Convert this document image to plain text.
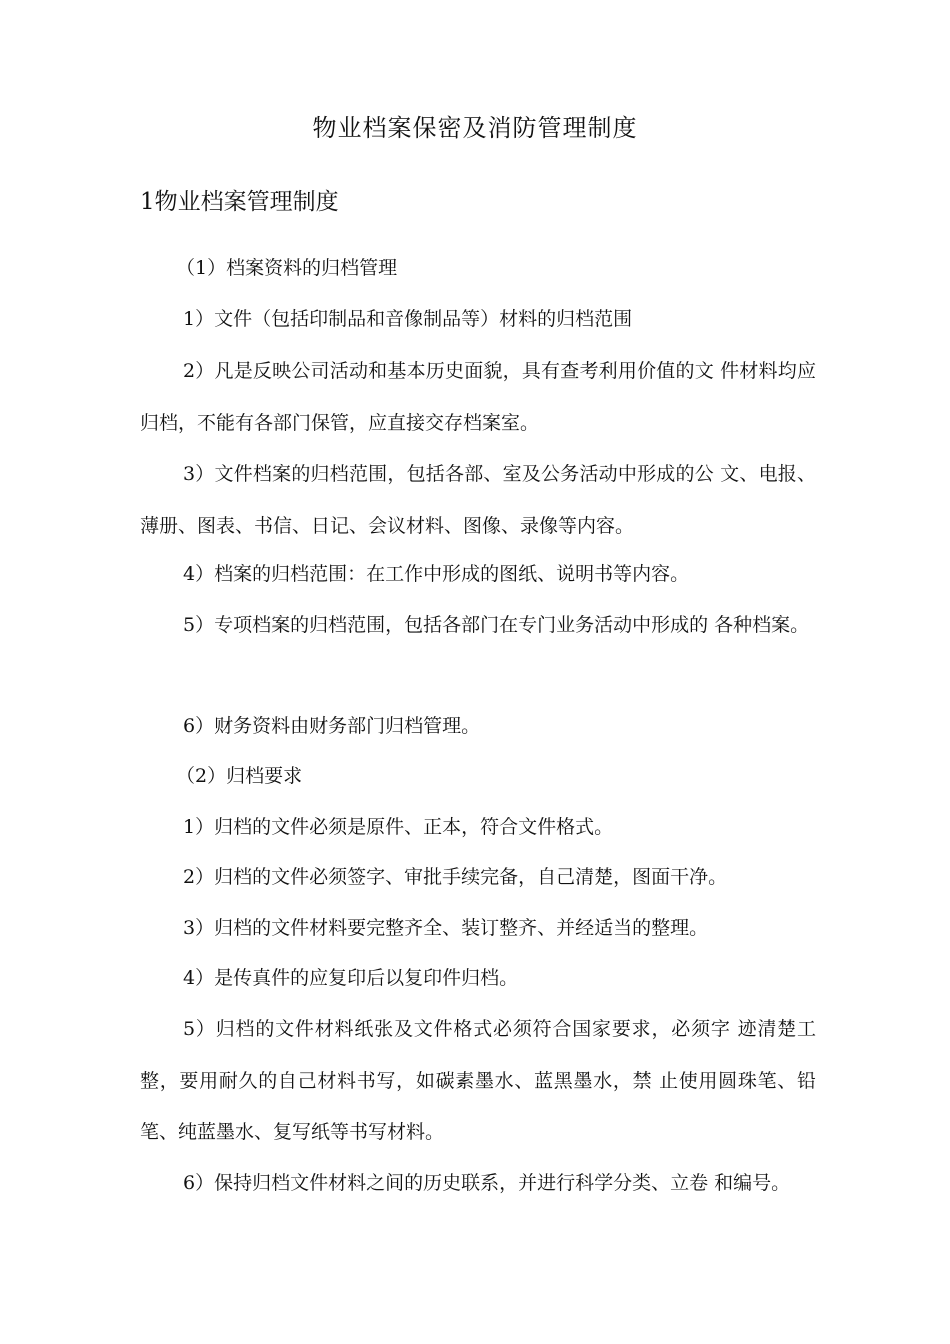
物业档案保密及消防管理制度
1物业档案管理制度

（1）档案资料的归档管理

1）文件（包括印制品和音像制品等）材料的归档范围

2）凡是反映公司活动和基本历史面貌，具有查考利用价值的文 件材料均应归档，不能有各部门保管，应直接交存档案室。

3）文件档案的归档范围，包括各部、室及公务活动中形成的公 文、电报、薄册、图表、书信、日记、会议材料、图像、录像等内容。

4）档案的归档范围：在工作中形成的图纸、说明书等内容。

5）专项档案的归档范围，包括各部门在专门业务活动中形成的 各种档案。

6）财务资料由财务部门归档管理。

（2）归档要求

1）归档的文件必须是原件、正本，符合文件格式。

2）归档的文件必须签字、审批手续完备，自己清楚，图面干净。

3）归档的文件材料要完整齐全、装订整齐、并经适当的整理。

4）是传真件的应复印后以复印件归档。

5）归档的文件材料纸张及文件格式必须符合国家要求，必须字 迹清楚工整，要用耐久的自己材料书写，如碳素墨水、蓝黑墨水，禁 止使用圆珠笔、铅笔、纯蓝墨水、复写纸等书写材料。

6）保持归档文件材料之间的历史联系，并进行科学分类、立卷 和编号。
